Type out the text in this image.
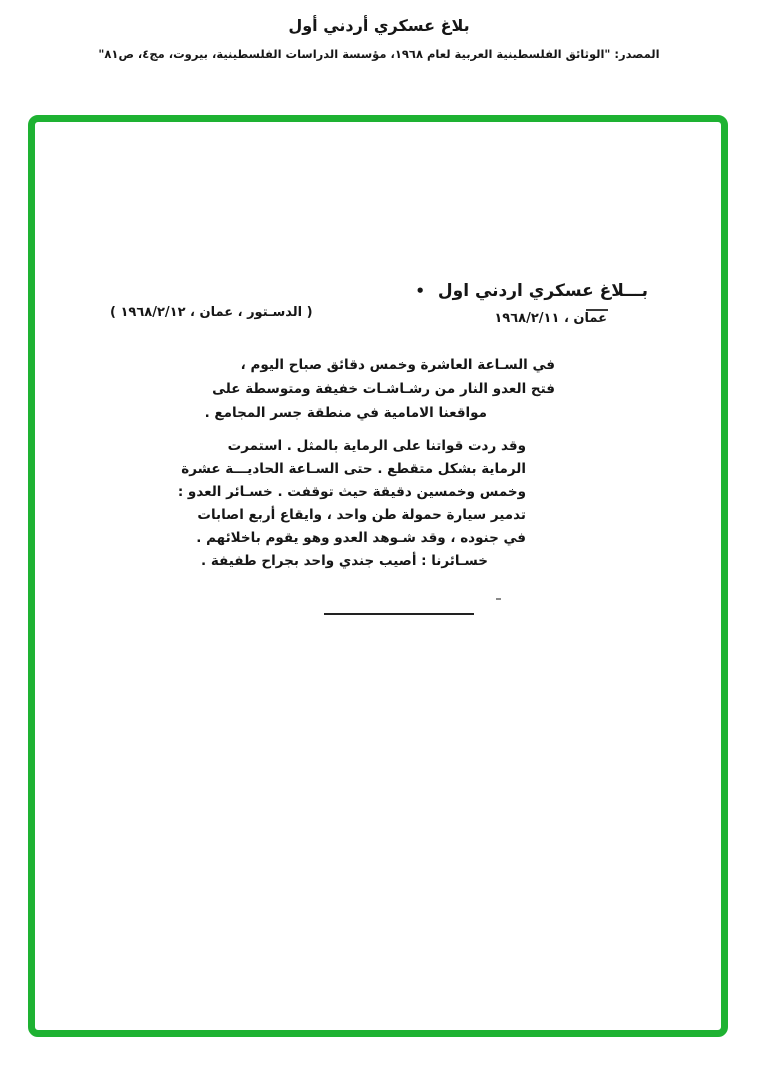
بلاغ عسكري أردني أول
المصدر: "الوثائق الفلسطينية العربية لعام ١٩٦٨، مؤسسة الدراسات الفلسطينية، بيروت، مج٤، ص٨١"
بـــلاغ عسكري اردني اول •
عمان ، ١٩٦٨/٢/١١
( الدسـتور ، عمان ، ١٩٦٨/٢/١٢ )
في السـاعة العاشرة وخمس دقائق صباح اليوم ،
فتح العدو النار من رشـاشـات خفيفة ومتوسطة على
مواقعنا الامامية في منطقة جسر المجامع .
وقد ردت قواتنا على الرماية بالمثل . استمرت
الرماية بشكل متقطع . حتى السـاعة الحاديـــة عشرة
وخمس وخمسين دقيقة حيث توقفت . خسـائر العدو :
تدمير سيارة حمولة طن واحد ، وايقاع أربع اصابات
في جنوده ، وقد شـوهد العدو وهو يقوم باخلائهم .
خسـائرنا : أصيب جندي واحد بجراح طفيفة .
